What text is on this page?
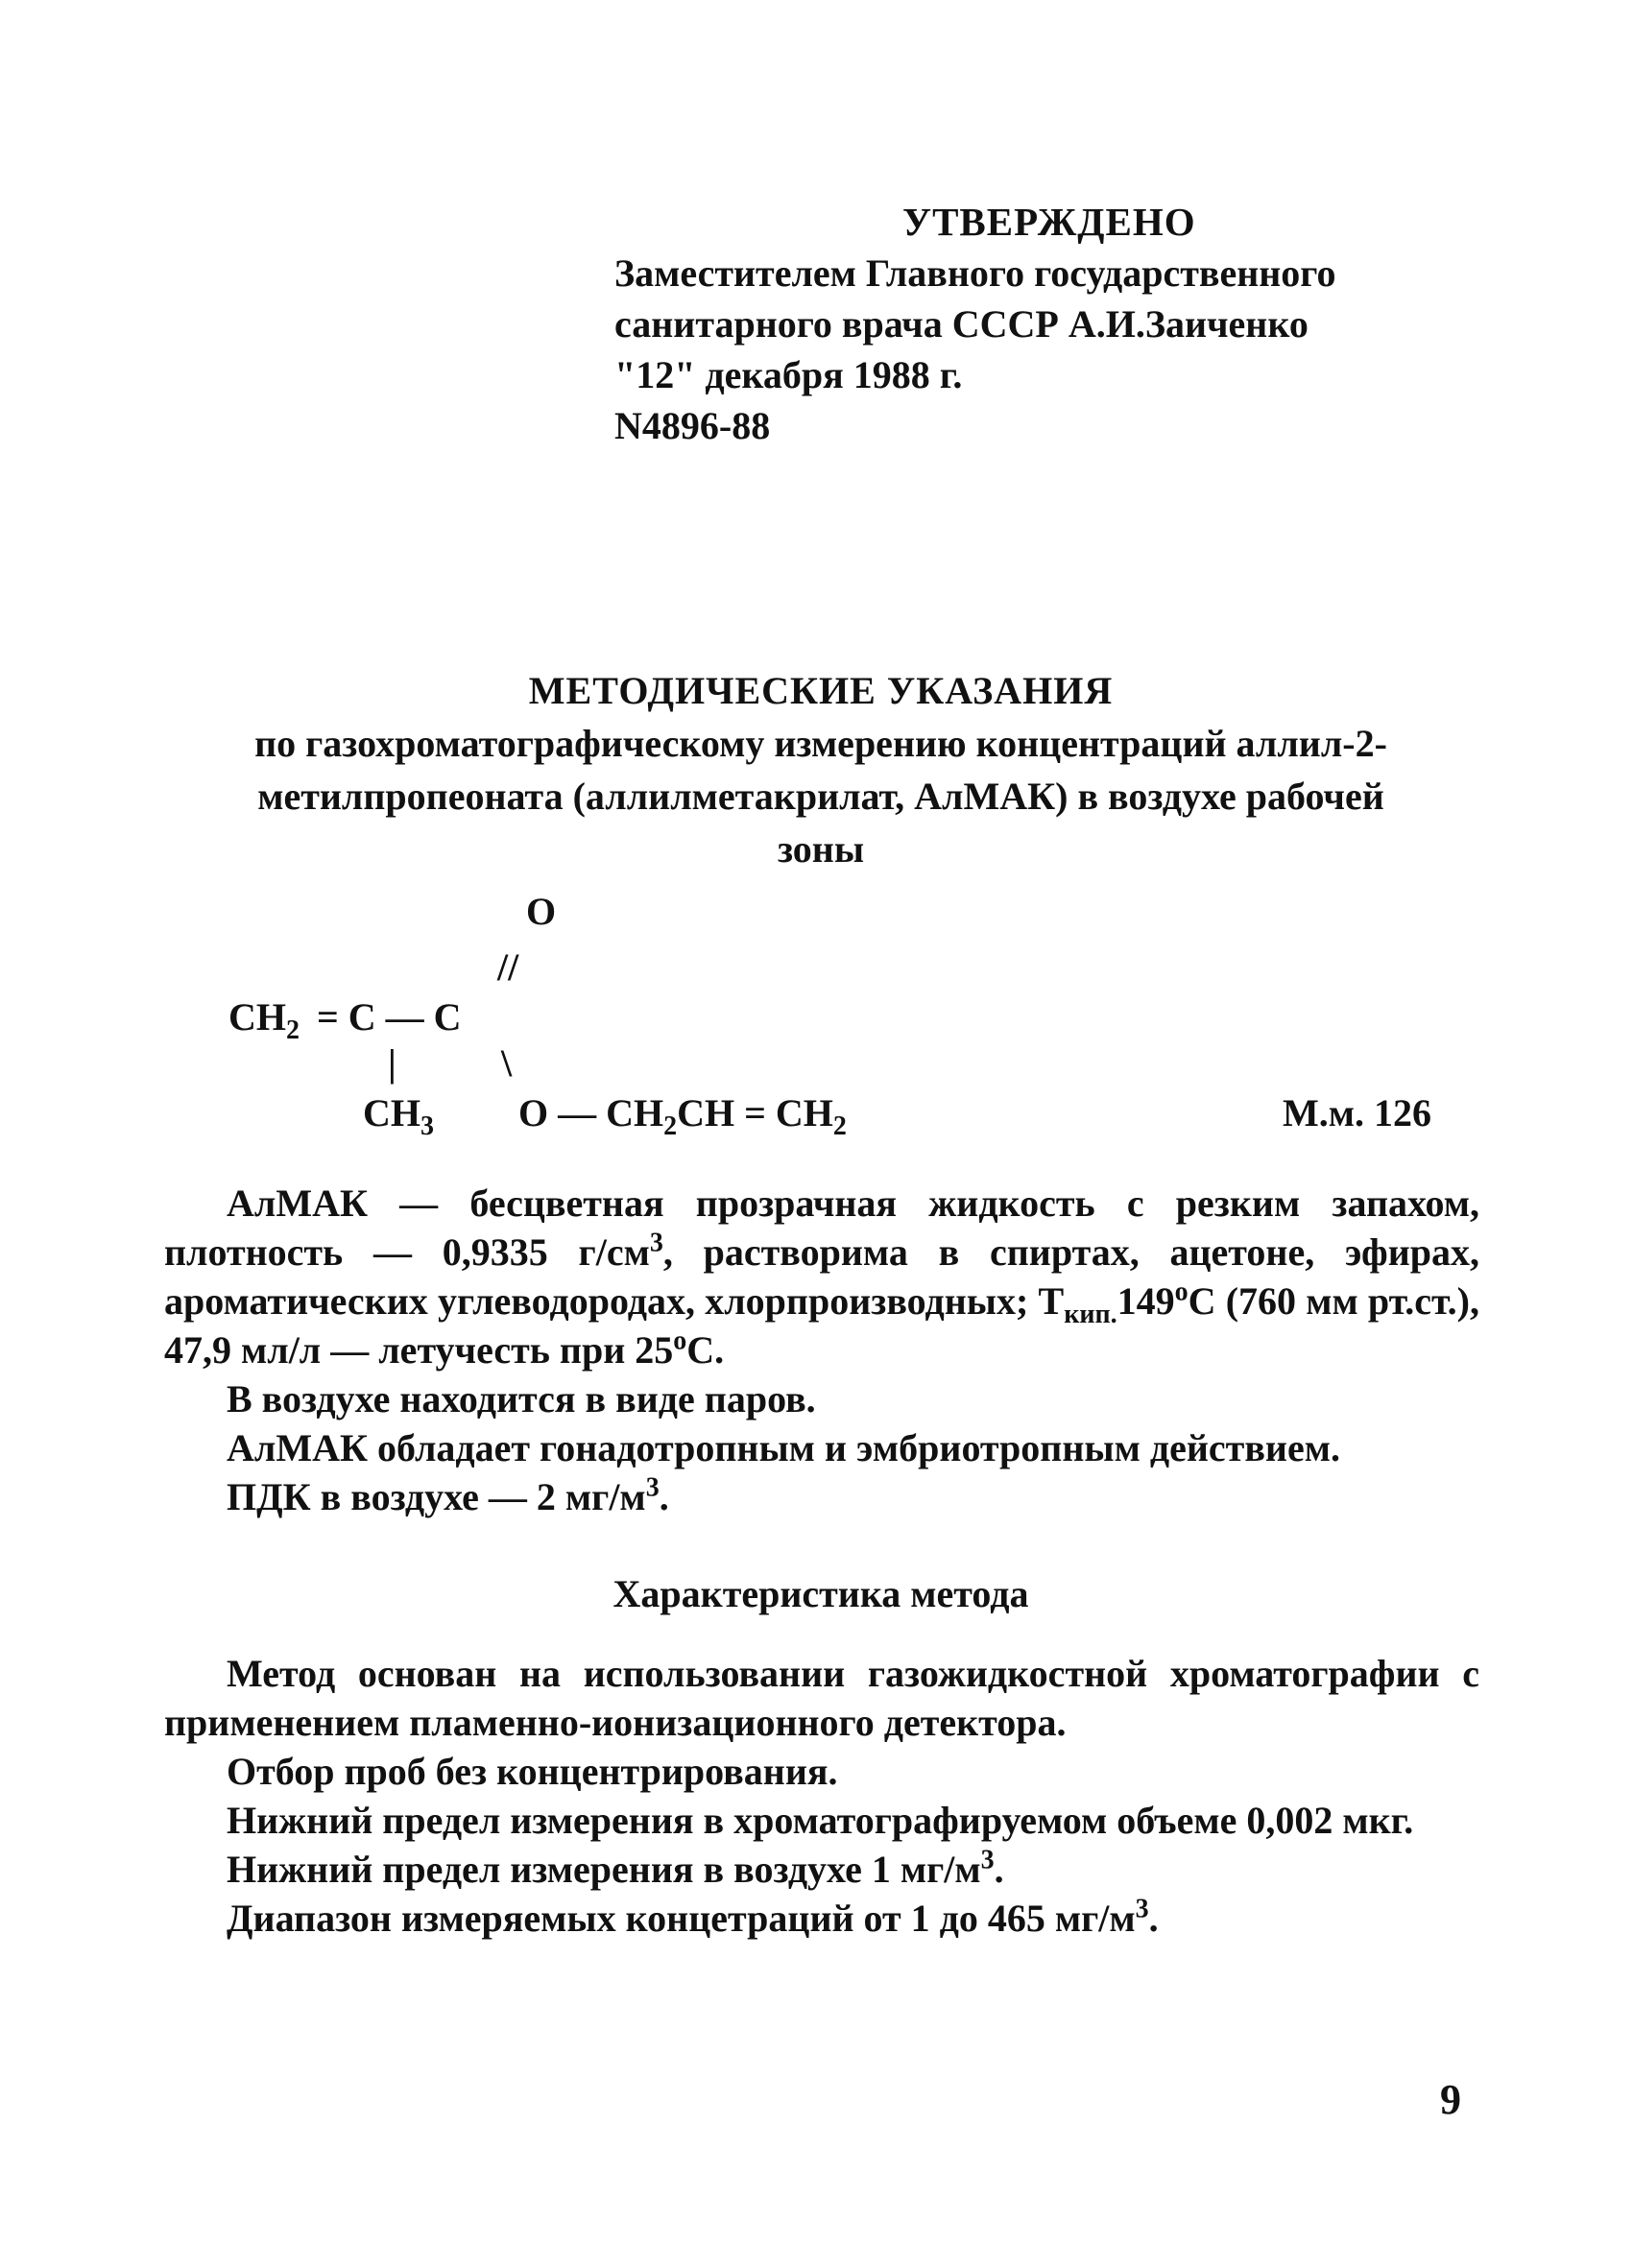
УТВЕРЖДЕНО
Заместителем Главного государственного
санитарного врача СССР А.И.Заиченко
"12" декабря 1988 г.
N4896-88
МЕТОДИЧЕСКИЕ УКАЗАНИЯ
по газохроматографическому измерению концентраций аллил-2-
метилпропеоната (аллилметакрилат, АлМАК) в воздухе рабочей
зоны
O
//
$CH_2 = C$ — C
|	\
$CH_3$ O — $CH_2CH = CH_2$	М.м. 126

АлМАК — бесцветная прозрачная жидкость с резким запахом, плотность — 0,9335 $г/см^3$, растворима в спиртах, ацетоне, эфирах, ароматических углеводородах, хлорпроизводных; $Т_{кип.}149^оС$ (760 мм рт.ст.), 47,9 мл/л — летучесть при $25^оС$.

В воздухе находится в виде паров.

АлМАК обладает гонадотропным и эмбриотропным действием.

ПДК в воздухе — 2 $мг/м^3$.

Характеристика метода

Метод основан на использовании газожидкостной хроматографии с применением пламенно-ионизационного детектора.

Отбор проб без концентрирования.

Нижний предел измерения в хроматографируемом объеме 0,002 мкг.

Нижний предел измерения в воздухе 1 $мг/м^3$.

Диапазон измеряемых концетраций от 1 до 465 $мг/м^3$.

9
